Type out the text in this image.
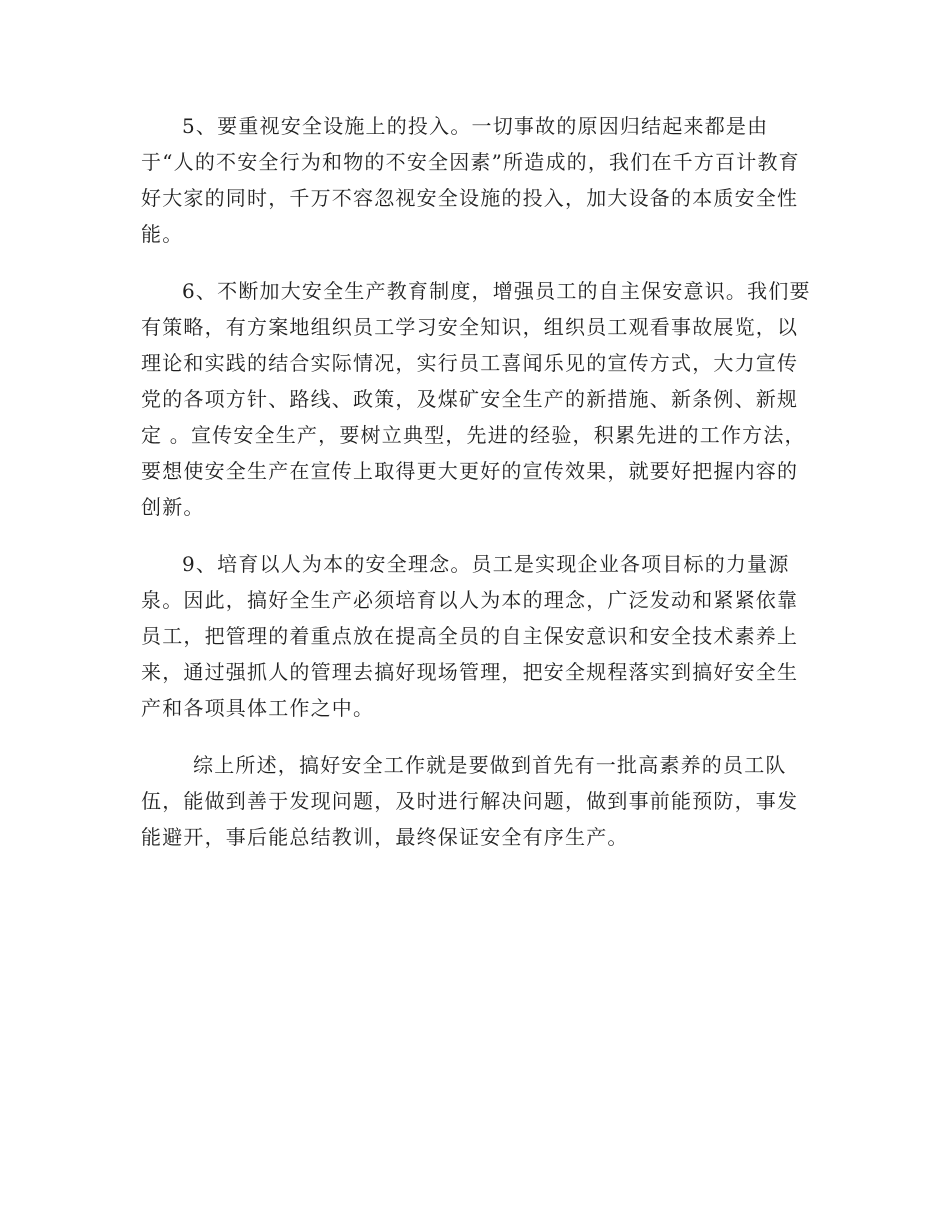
5、要重视安全设施上的投入。一切事故的原因归结起来都是由于“人的不安全行为和物的不安全因素”所造成的，我们在千方百计教育好大家的同时，千万不容忽视安全设施的投入，加大设备的本质安全性能。

6、不断加大安全生产教育制度，增强员工的自主保安意识。我们要有策略，有方案地组织员工学习安全知识，组织员工观看事故展览，以理论和实践的结合实际情况，实行员工喜闻乐见的宣传方式，大力宣传党的各项方针、路线、政策，及煤矿安全生产的新措施、新条例、新规定 。宣传安全生产，要树立典型，先进的经验，积累先进的工作方法，要想使安全生产在宣传上取得更大更好的宣传效果，就要好把握内容的创新。

9、培育以人为本的安全理念。员工是实现企业各项目标的力量源泉。因此，搞好全生产必须培育以人为本的理念，广泛发动和紧紧依靠员工，把管理的着重点放在提高全员的自主保安意识和安全技术素养上来，通过强抓人的管理去搞好现场管理，把安全规程落实到搞好安全生产和各项具体工作之中。

综上所述，搞好安全工作就是要做到首先有一批高素养的员工队伍，能做到善于发现问题，及时进行解决问题，做到事前能预防，事发能避开，事后能总结教训，最终保证安全有序生产。
